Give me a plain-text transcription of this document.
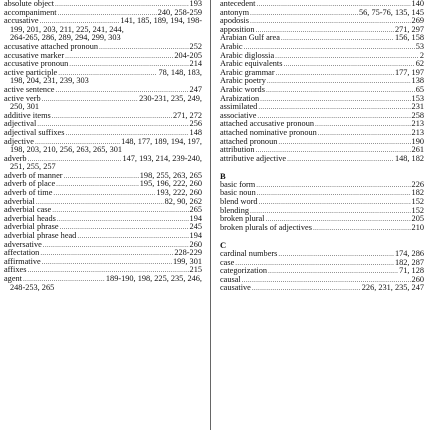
absolute object .....	193
accompaniment .....	240, 258-259
accusative .....	141, 185, 189, 194, 198-
199, 201, 203, 211, 225, 241, 244,
264-265, 286, 289, 294, 299, 303
accusative attached pronoun .....	252
accusative marker .....	204-205
accusative pronoun .....	214
active participle .....	78, 148, 183,
198, 204, 231, 239, 303
active sentence .....	247
active verb .....	230-231, 235, 249,
250, 301
additive items .....	271, 272
adjectival .....	256
adjectival suffixes .....	148
adjective .....	148, 177, 189, 194, 197,
198, 203, 210, 256, 263, 265, 301
adverb .....	147, 193, 214, 239-240,
251, 255, 257
adverb of manner .....	198, 255, 263, 265
adverb of place .....	195, 196, 222, 260
adverb of time .....	193, 222, 260
adverbial .....	82, 90, 262
adverbial case .....	265
adverbial heads .....	194
adverbial phrase .....	245
adverbial phrase head .....	194
adversative .....	260
affectation .....	228-229
affirmative .....	199, 301
affixes .....	215
agent .....	189-190, 198, 225, 235, 246,
248-253, 265
antecedent .....	140
antonym .....	56, 75-76, 135, 145
apodosis .....	269
apposition .....	271, 297
Arabian Gulf area .....	156, 158
Arabic .....	53
Arabic diglossia .....	2
Arabic equivalents .....	62
Arabic grammar .....	177, 197
Arabic poetry .....	138
Arabic words .....	65
Arabization .....	153
assimilated .....	231
associative .....	258
attached accusative pronoun .....	213
attached nominative pronoun .....	213
attached pronoun .....	190
attribution .....	261
attributive adjective .....	148, 182
B
basic form .....	226
basic noun .....	182
blend word .....	152
blending .....	152
broken plural .....	205
broken plurals of adjectives .....	210
C
cardinal numbers .....	174, 286
case .....	182, 287
categorization .....	71, 128
causal .....	260
causative .....	226, 231, 235, 247
